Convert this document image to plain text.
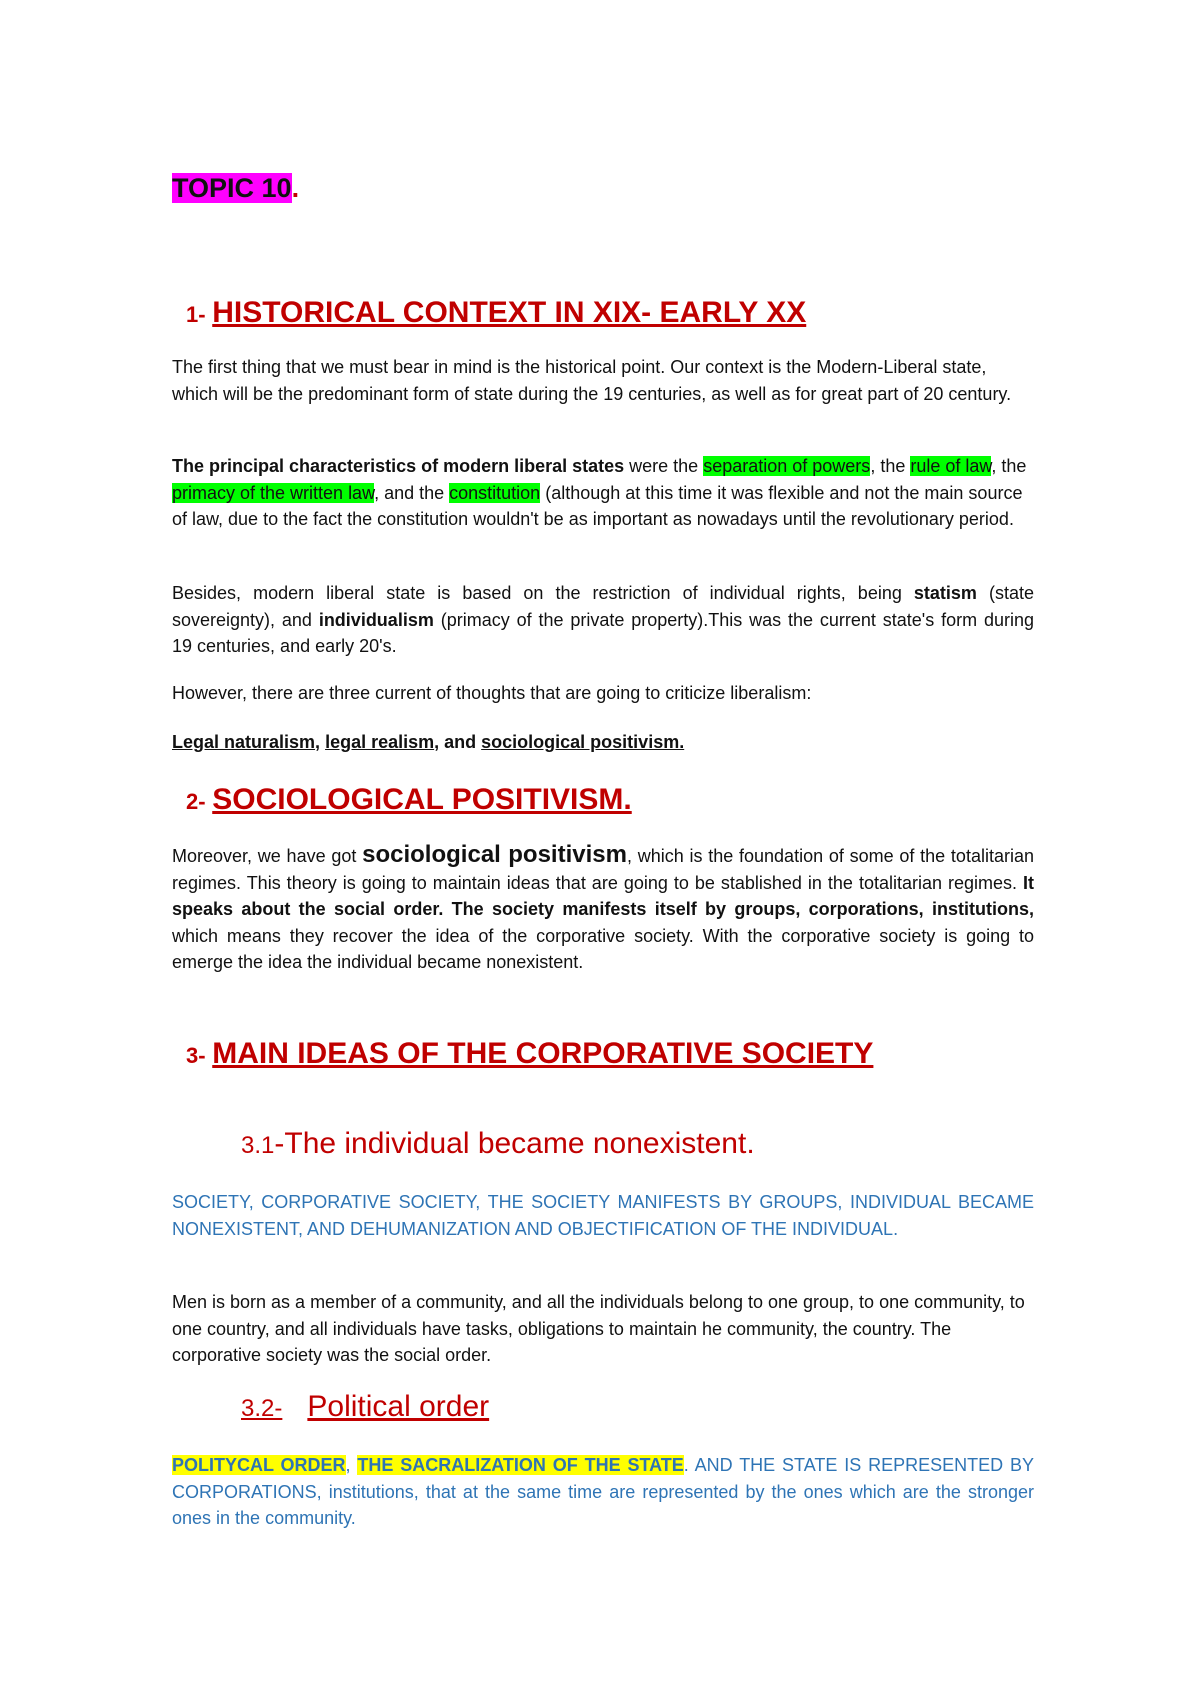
TOPIC 10.
1- HISTORICAL CONTEXT IN XIX- EARLY XX

The first thing that we must bear in mind is the historical point. Our context is the Modern-Liberal state, which will be the predominant form of state during the 19 centuries, as well as for great part of 20 century.

The principal characteristics of modern liberal states were the separation of powers, the rule of law, the primacy of the written law, and the constitution (although at this time it was flexible and not the main source of law, due to the fact the constitution wouldn't be as important as nowadays until the revolutionary period.

Besides, modern liberal state is based on the restriction of individual rights, being statism (state sovereignty), and individualism (primacy of the private property).This was the current state's form during 19 centuries, and early 20's.

However, there are three current of thoughts that are going to criticize liberalism:

Legal naturalism, legal realism, and sociological positivism.

2- SOCIOLOGICAL POSITIVISM.

Moreover, we have got sociological positivism, which is the foundation of some of the totalitarian regimes. This theory is going to maintain ideas that are going to be stablished in the totalitarian regimes. It speaks about the social order. The society manifests itself by groups, corporations, institutions, which means they recover the idea of the corporative society. With the corporative society is going to emerge the idea the individual became nonexistent.

3- MAIN IDEAS OF THE CORPORATIVE SOCIETY
3.1-The individual became nonexistent.

SOCIETY, CORPORATIVE SOCIETY, THE SOCIETY MANIFESTS BY GROUPS, INDIVIDUAL BECAME NONEXISTENT, AND DEHUMANIZATION AND OBJECTIFICATION OF THE INDIVIDUAL.

Men is born as a member of a community, and all the individuals belong to one group, to one community, to one country, and all individuals have tasks, obligations to maintain he community, the country. The corporative society was the social order.

3.2- Political order

POLITYCAL ORDER, THE SACRALIZATION OF THE STATE. AND THE STATE IS REPRESENTED BY CORPORATIONS, institutions, that at the same time are represented by the ones which are the stronger ones in the community.
